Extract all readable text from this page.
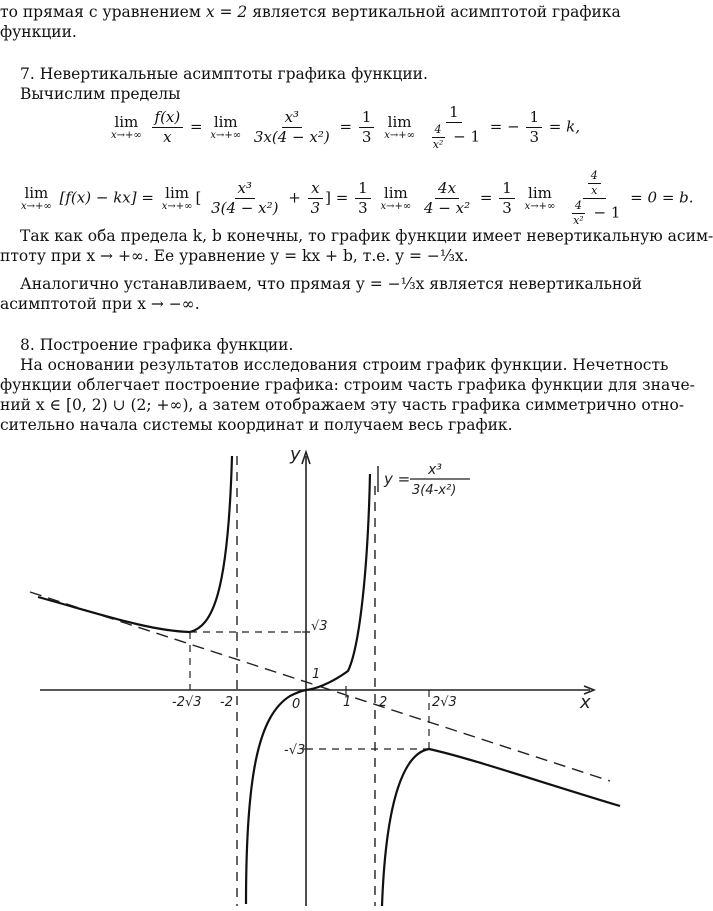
то прямая с уравнением x = 2 является вертикальной асимптотой графика
функции.
7. Невертикальные асимптоты графика функции.
Вычислим пределы
lim
x→+∞
$\frac{f(x)}{x} = \lim$
x→+∞
$\frac{\text{x³}}{\text{3x(4 − x²)}} = \frac{1}{3}$
lim
x→+∞
$\frac{1}{\frac{4}{\text{x²}} - 1}$ = − $\frac{1}{3} = k$,
lim
x→+∞ [f(x) − kx] = lim
x→+∞ [ $\frac{\text{x³}}{\text{3(4 − x²)}} + \frac{x}{3}$ ] = $\frac{1}{3}$
lim
x→+∞
$\frac{4x}{\text{4 − x²}} = \frac{1}{3}$
lim
x→+∞
$\frac{\frac{4}{x}}{\frac{4}{\text{x²}} - 1} = 0 = b$.
Так как оба предела k, b конечны, то график функции имеет невертикальную асим-
птоту при x → +∞. Ее уравнение y = kx + b, т.е. y = −⅓x.
Аналогично устанавливаем, что прямая y = −⅓x является невертикальной
асимптотой при x → −∞.
8. Построение графика функции.
На основании результатов исследования строим график функции. Нечетность
функции облегчает построение графика: строим часть графика функции для значе-
ний x ∈ [0, 2) ∪ (2; +∞), а затем отображаем эту часть графика симметрично отно-
сительно начала системы координат и получаем весь график.
x
y
-2√3 -2	1 2	2√3
√3
-√3
0
1
y = x³
3(4-x²)
